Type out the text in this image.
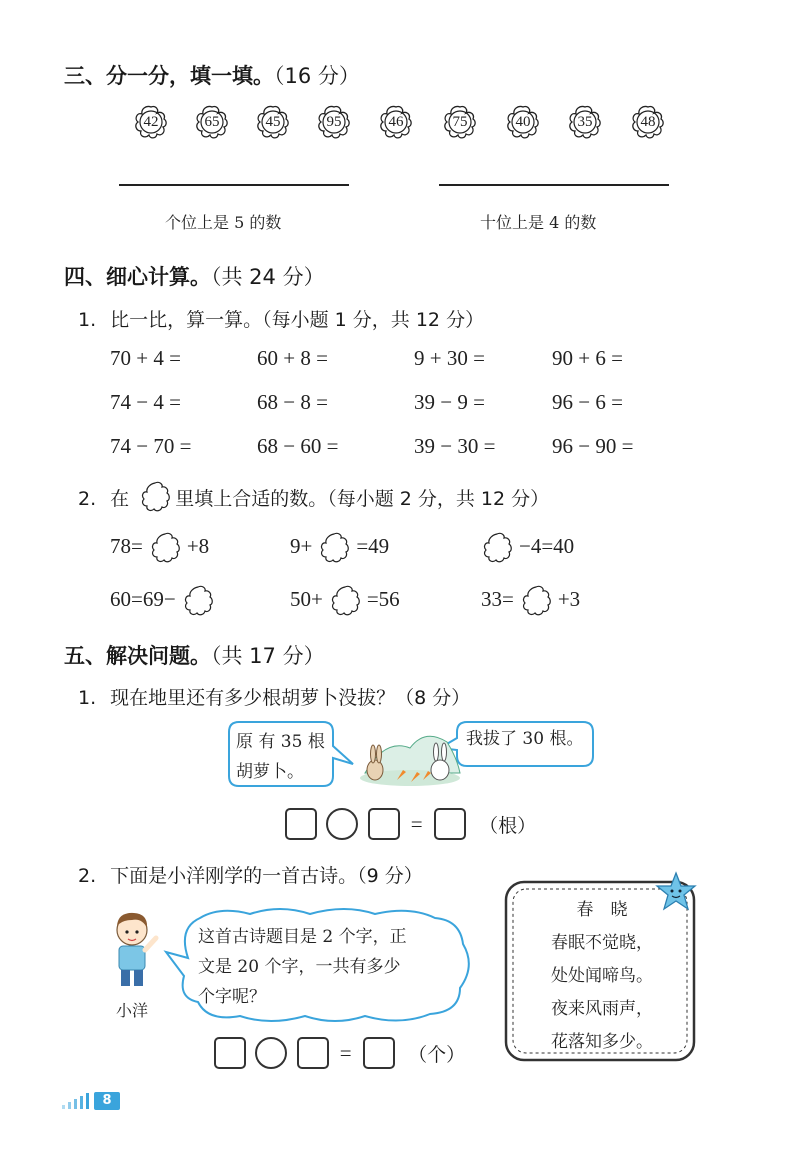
三、分一分，填一填。（16 分）
42	65	45	95	46	75	40	35	48
个位上是 5 的数	十位上是 4 的数
四、细心计算。（共 24 分）
1. 比一比，算一算。（每小题 1 分，共 12 分）
70 + 4 =	60 + 8 =	9 + 30 =	90 + 6 =
74 − 4 =	68 − 8 =	39 − 9 =	96 − 6 =
74 − 70 =	68 − 60 =	39 − 30 =	96 − 90 =
2. 在 里填上合适的数。（每小题 2 分，共 12 分）
78= +8	9+ =49	−4=40
60=69−	50+ =56	33= +3
五、解决问题。（共 17 分）
1. 现在地里还有多少根胡萝卜没拔？（8 分）
原 有 35 根
胡萝卜。
我拔了 30 根。
=	（根）
2. 下面是小洋刚学的一首古诗。（9 分）
小洋
这首古诗题目是 2 个字，正
文是 20 个字，一共有多少
个字呢？
=	（个）
春　晓
春眠不觉晓，
处处闻啼鸟。
夜来风雨声，
花落知多少。
8
